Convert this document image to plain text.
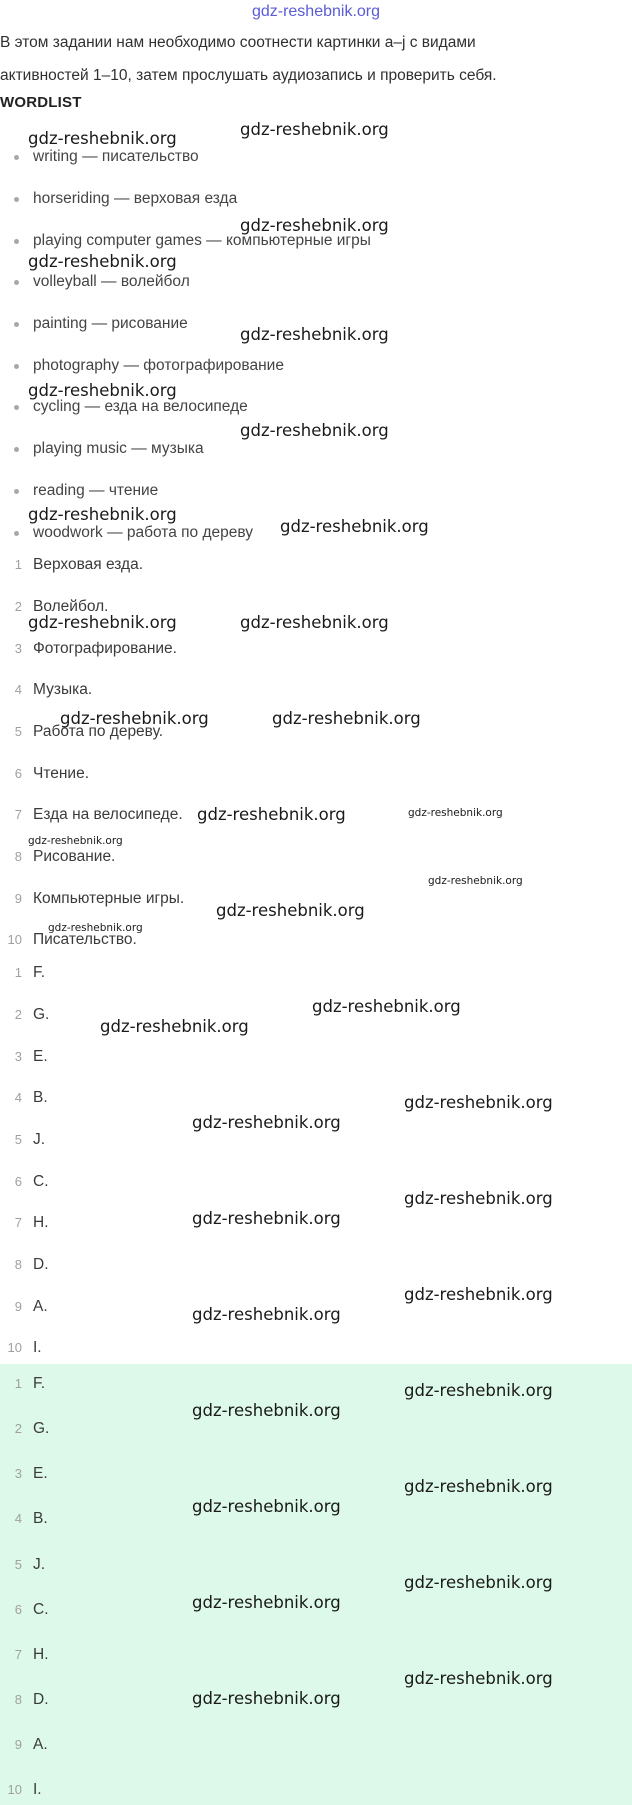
gdz-reshebnik.org
В этом задании нам необходимо соотнести картинки a–j с видами
активностей 1–10, затем прослушать аудиозапись и проверить себя.
WORDLIST
writing — писательство
horseriding — верховая езда
playing computer games — компьютерные игры
volleyball — волейбол
painting — рисование
photography — фотографирование
cycling — езда на велосипеде
playing music — музыка
reading — чтение
woodwork — работа по дереву
1 Верховая езда.
2 Волейбол.
3 Фотографирование.
4 Музыка.
5 Работа по дереву.
6 Чтение.
7 Езда на велосипеде.
8 Рисование.
9 Компьютерные игры.
10 Писательство.
1 F.
2 G.
3 E.
4 B.
5 J.
6 C.
7 H.
8 D.
9 A.
10 I.
1 F.
2 G.
3 E.
4 B.
5 J.
6 C.
7 H.
8 D.
9 A.
10 I.
gdz-reshebnik.org
gdz-reshebnik.org
gdz-reshebnik.org
gdz-reshebnik.org
gdz-reshebnik.org
gdz-reshebnik.org
gdz-reshebnik.org
gdz-reshebnik.org
gdz-reshebnik.org
gdz-reshebnik.org	gdz-reshebnik.org
gdz-reshebnik.org	gdz-reshebnik.org
gdz-reshebnik.org	gdz-reshebnik.org
gdz-reshebnik.org
gdz-reshebnik.org
gdz-reshebnik.org
gdz-reshebnik.org
gdz-reshebnik.org
gdz-reshebnik.org
gdz-reshebnik.org
gdz-reshebnik.org
gdz-reshebnik.org
gdz-reshebnik.org
gdz-reshebnik.org
gdz-reshebnik.org
gdz-reshebnik.org
gdz-reshebnik.org
gdz-reshebnik.org
gdz-reshebnik.org
gdz-reshebnik.org
gdz-reshebnik.org
gdz-reshebnik.org
gdz-reshebnik.org
